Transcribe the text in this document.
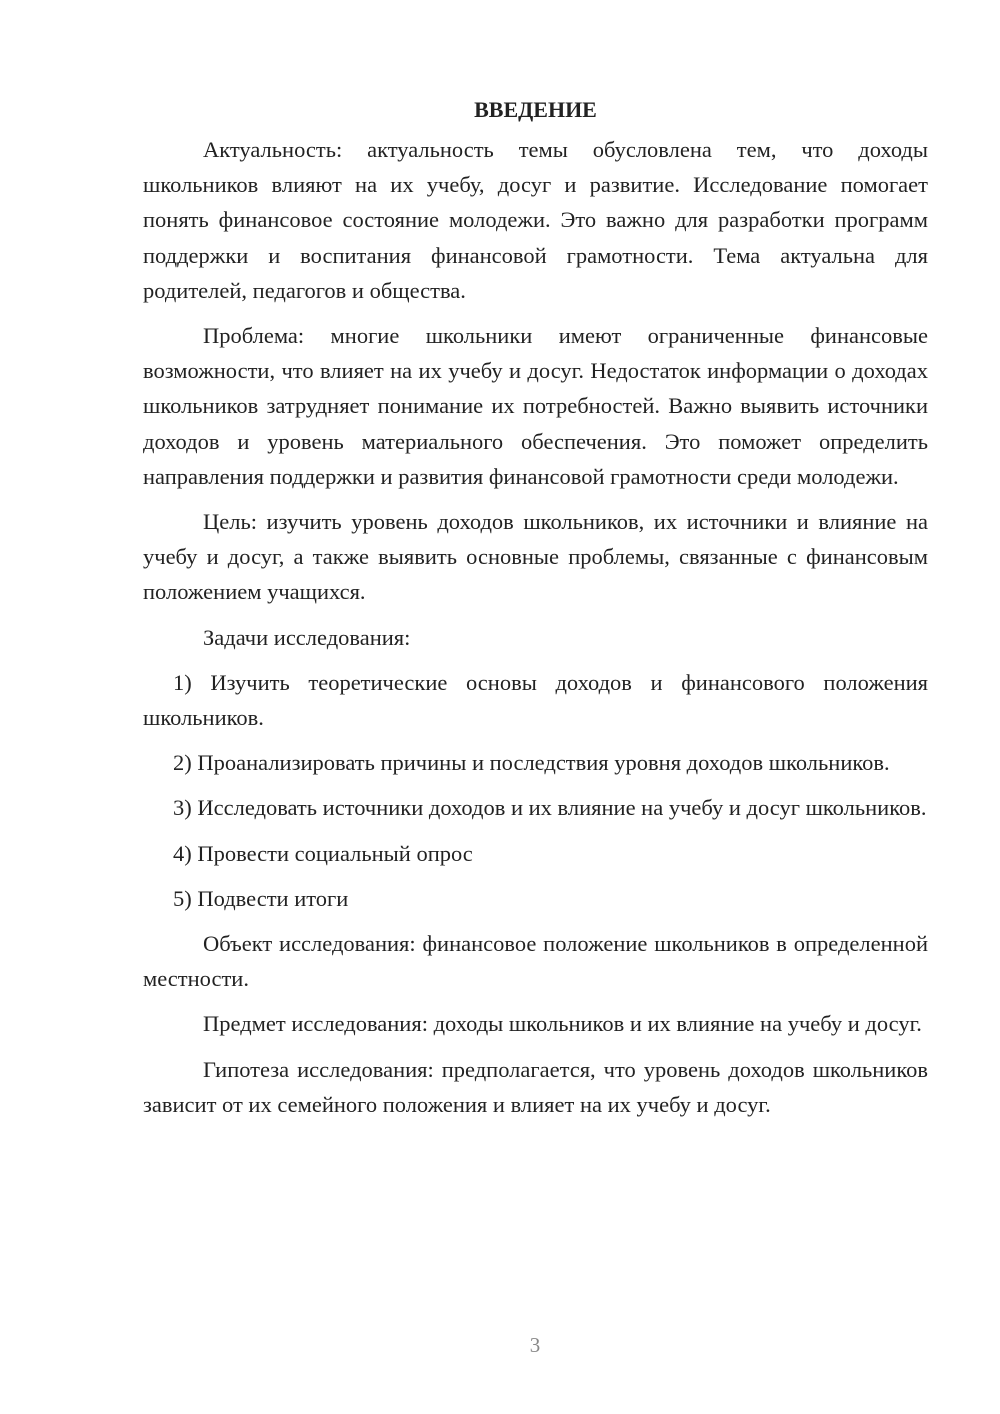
ВВЕДЕНИЕ

Актуальность: актуальность темы обусловлена тем, что доходы школьников влияют на их учебу, досуг и развитие. Исследование помогает понять финансовое состояние молодежи. Это важно для разработки программ поддержки и воспитания финансовой грамотности. Тема актуальна для родителей, педагогов и общества.

Проблема: многие школьники имеют ограниченные финансовые возможности, что влияет на их учебу и досуг. Недостаток информации о доходах школьников затрудняет понимание их потребностей. Важно выявить источники доходов и уровень материального обеспечения. Это поможет определить направления поддержки и развития финансовой грамотности среди молодежи.

Цель: изучить уровень доходов школьников, их источники и влияние на учебу и досуг, а также выявить основные проблемы, связанные с финансовым положением учащихся.

Задачи исследования:

1) Изучить теоретические основы доходов и финансового положения школьников.

2) Проанализировать причины и последствия уровня доходов школьников.

3) Исследовать источники доходов и их влияние на учебу и досуг школьников.

4) Провести социальный опрос

5) Подвести итоги

Объект исследования: финансовое положение школьников в определенной местности.

Предмет исследования: доходы школьников и их влияние на учебу и досуг.

Гипотеза исследования: предполагается, что уровень доходов школьников зависит от их семейного положения и влияет на их учебу и досуг.

3
